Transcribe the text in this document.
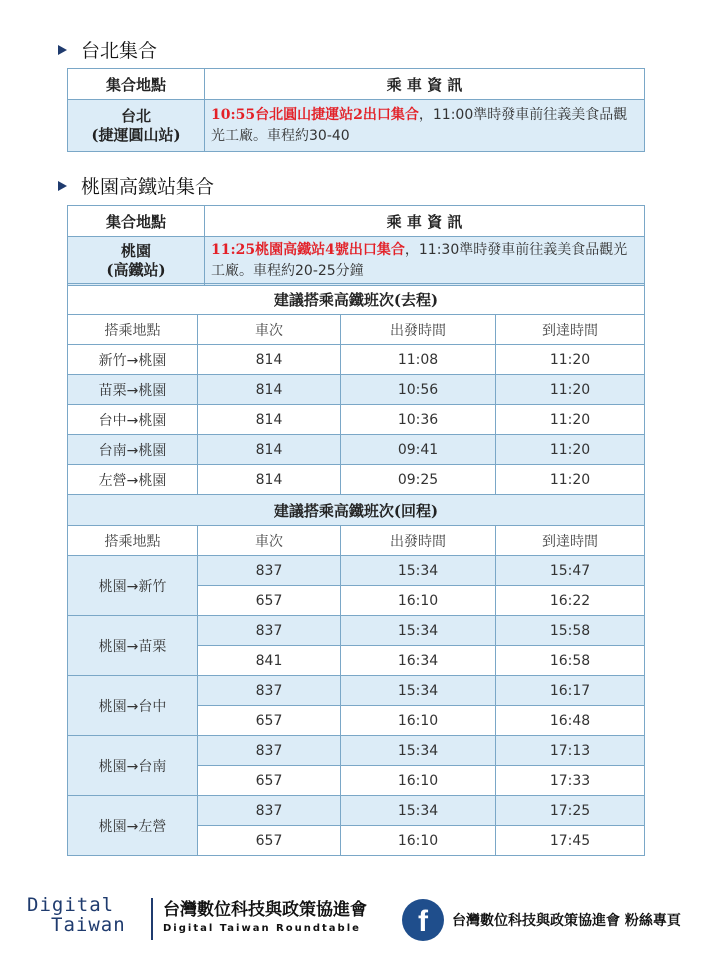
台北集合
集合地點	乘 車 資 訊

台北
(捷運圓山站)	10:55台北圓山捷運站2出口集合，11:00準時發車前往義美食品觀光工廠。車程約30-40
桃園高鐵站集合
集合地點	乘 車 資 訊

桃園
(高鐵站)	11:25桃園高鐵站4號出口集合，11:30準時發車前往義美食品觀光工廠。車程約20-25分鐘
建議搭乘高鐵班次(去程)			
搭乘地點	車次	出發時間	到達時間
新竹→桃園	814	11:08	11:20
苗栗→桃園	814	10:56	11:20
台中→桃園	814	10:36	11:20
台南→桃園	814	09:41	11:20
左營→桃園	814	09:25	11:20
建議搭乘高鐵班次(回程)			
搭乘地點	車次	出發時間	到達時間
桃園→新竹	837	15:34	15:47
	657	16:10	16:22
桃園→苗栗	837	15:34	15:58
	841	16:34	16:58
桃園→台中	837	15:34	16:17
	657	16:10	16:48
桃園→台南	837	15:34	17:13
	657	16:10	17:33
桃園→左營	837	15:34	17:25
	657	16:10	17:45
Digital
Taiwan
台灣數位科技與政策協進會
Digital Taiwan Roundtable	f	台灣數位科技與政策協進會 粉絲專頁
